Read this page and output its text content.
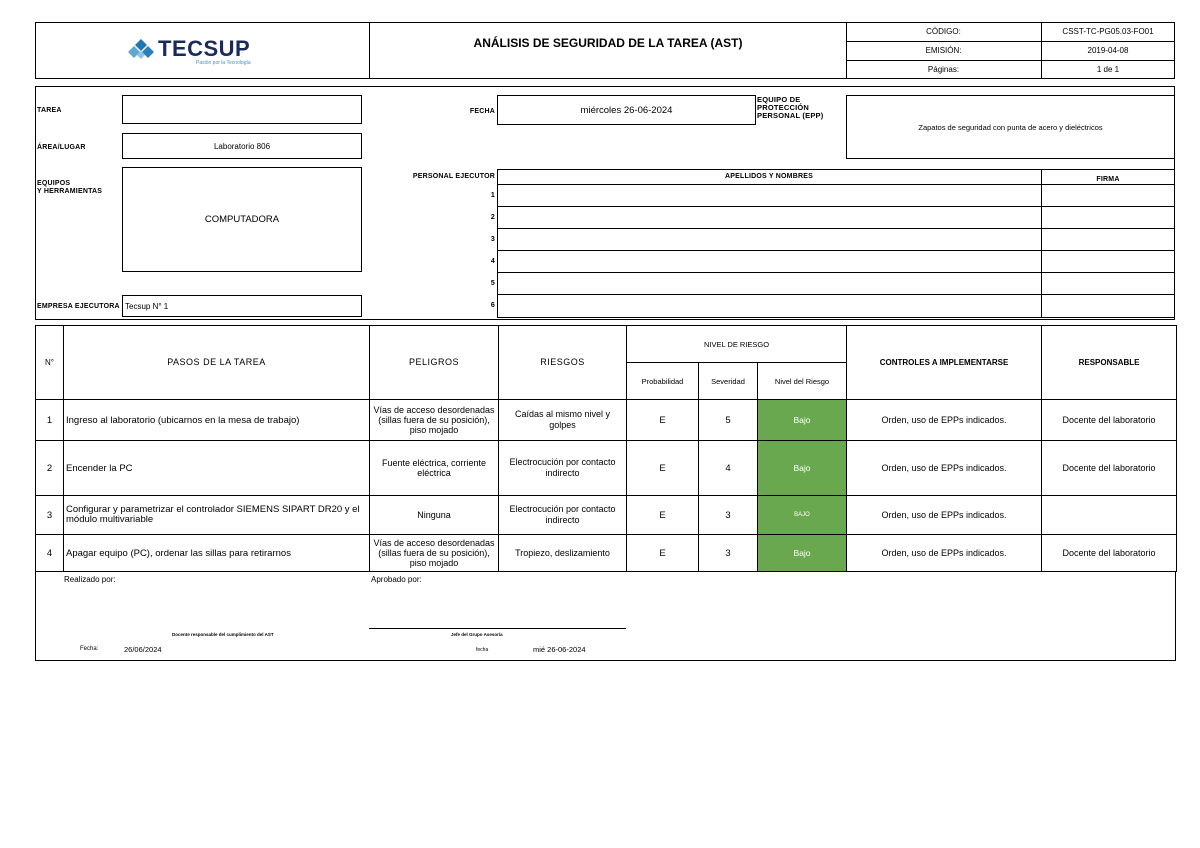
TECSUP
Pasión por la Tecnología
ANÁLISIS DE SEGURIDAD DE LA TAREA (AST)
CÓDIGO:	CSST-TC-PG05.03-FO01
EMISIÓN:	2019-04-08
Páginas:	1 de 1
TAREA
ÁREA/LUGAR	Laboratorio 806
EQUIPOS
Y HERRAMIENTAS
COMPUTADORA
EMPRESA EJECUTORA Tecsup N° 1
FECHA	miércoles 26-06-2024
EQUIPO DE
PROTECCIÓN
PERSONAL (EPP)
Zapatos de seguridad con punta de acero y dieléctricos
PERSONAL EJECUTOR	APELLIDOS Y NOMBRES	FIRMA
1
2
3
4
5
6
N°	PASOS DE LA TAREA	PELIGROS	RIESGOS	NIVEL DE RIESGO			CONTROLES A IMPLEMENTARSE	RESPONSABLE
				Probabilidad	Severidad	Nivel del Riesgo		
1	Ingreso al laboratorio (ubicarnos en la mesa de trabajo)	Vías de acceso desordenadas (sillas fuera de su posición), piso mojado	Caídas al mismo nivel y golpes	E	5	Bajo	Orden, uso de EPPs indicados.	Docente del laboratorio
2	Encender la PC	Fuente eléctrica, corriente eléctrica	Electrocución por contacto indirecto	E	4	Bajo	Orden, uso de EPPs indicados.	Docente del laboratorio
3	Configurar y parametrizar el controlador SIEMENS SIPART DR20 y el módulo multivariable	Ninguna	Electrocución por contacto indirecto	E	3	BAJO	Orden, uso de EPPs indicados.	
4	Apagar equipo (PC), ordenar las sillas para retirarnos	Vías de acceso desordenadas (sillas fuera de su posición), piso mojado	Tropiezo, deslizamiento	E	3	Bajo	Orden, uso de EPPs indicados.	Docente del laboratorio
Realizado por:	Aprobado por:
Docente responsable del cumplimiento del AST	Jefe del Grupo Asesoría
Fecha:	26/06/2024	fecha	mié 26-06-2024
